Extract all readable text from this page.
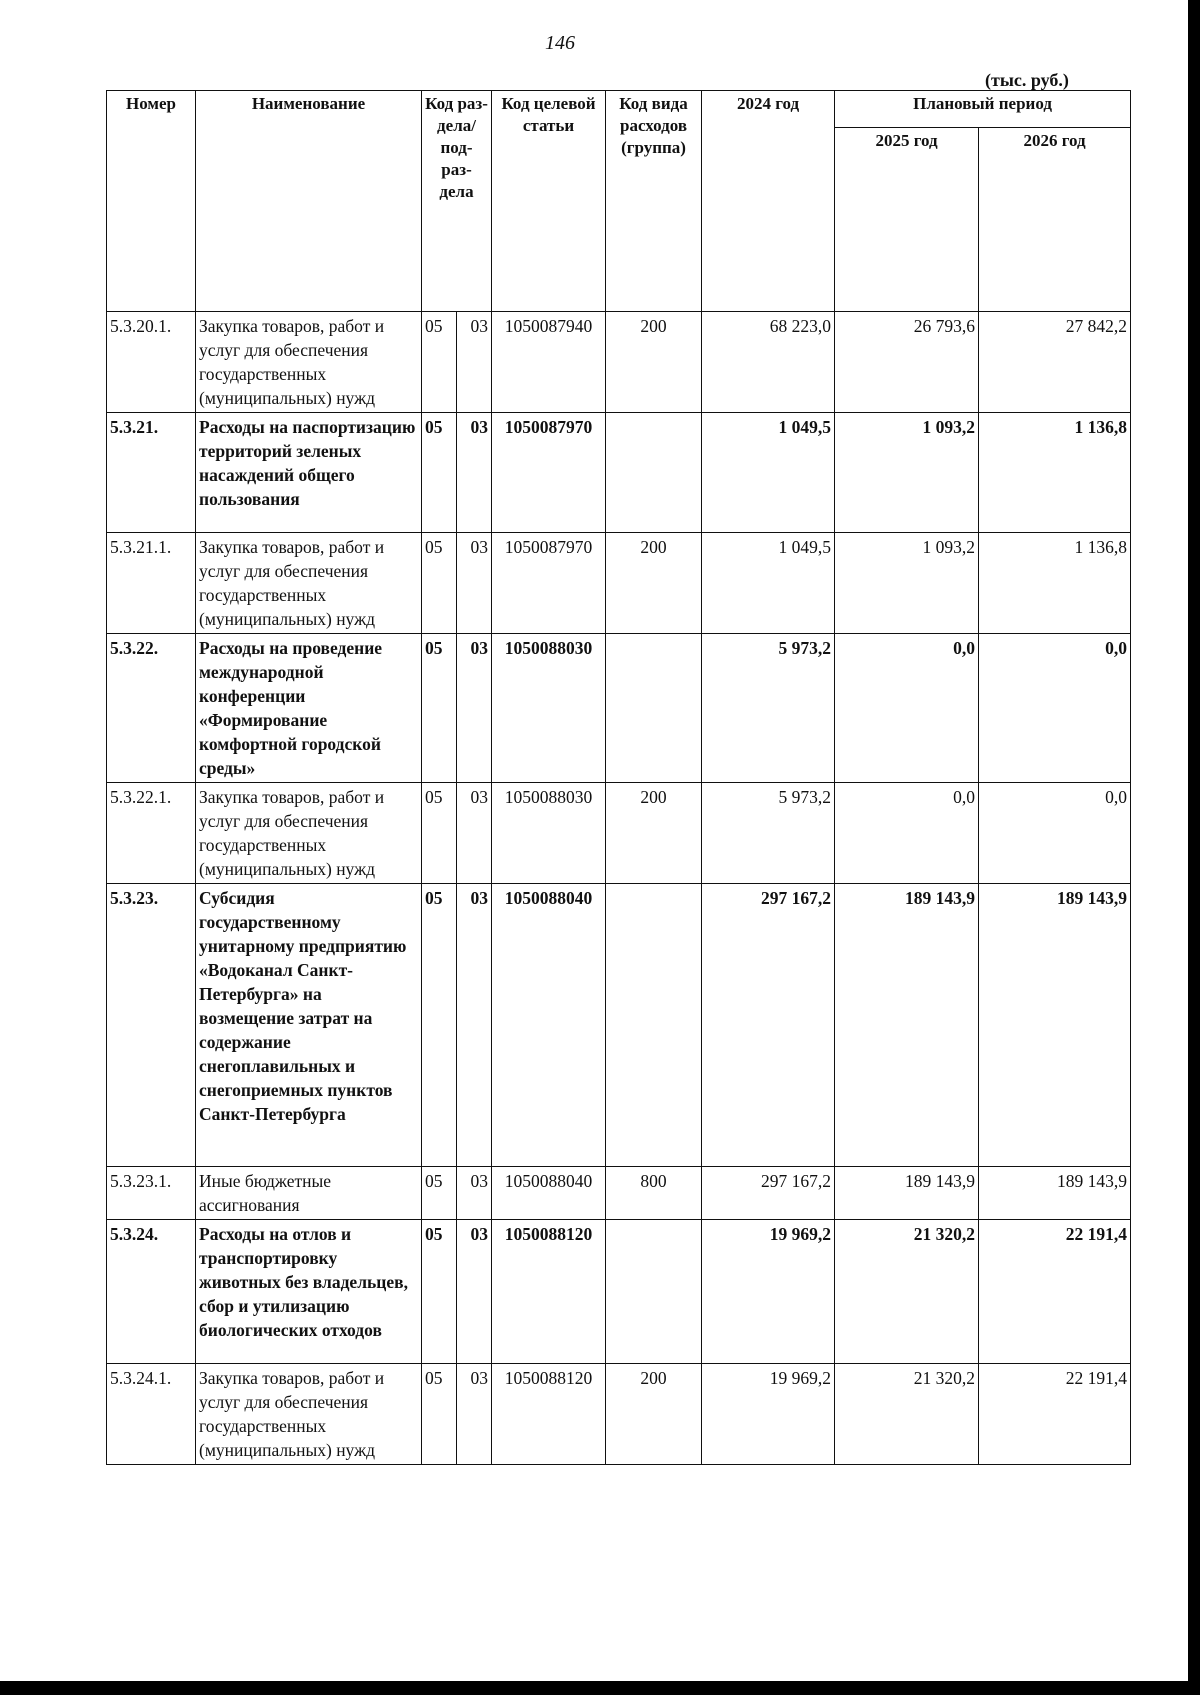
146
(тыс. руб.)
Номер	Наименование	Код раз- дела/ под- раз- дела		Код целевой статьи	Код вида расходов (группа)	2024 год	Плановый период	
							2025 год	2026 год
5.3.20.1.	Закупка товаров, работ и услуг для обеспечения государственных (муниципальных) нужд	05	03	1050087940	200	68 223,0	26 793,6	27 842,2
5.3.21.	Расходы на паспортизацию территорий зеленых насаждений общего пользования	05	03	1050087970		1 049,5	1 093,2	1 136,8
5.3.21.1.	Закупка товаров, работ и услуг для обеспечения государственных (муниципальных) нужд	05	03	1050087970	200	1 049,5	1 093,2	1 136,8
5.3.22.	Расходы на проведение международной конференции «Формирование комфортной городской среды»	05	03	1050088030		5 973,2	0,0	0,0
5.3.22.1.	Закупка товаров, работ и услуг для обеспечения государственных (муниципальных) нужд	05	03	1050088030	200	5 973,2	0,0	0,0
5.3.23.	Субсидия государственному унитарному предприятию «Водоканал Санкт-Петербурга» на возмещение затрат на содержание снегоплавильных и снегоприемных пунктов Санкт-Петербурга	05	03	1050088040		297 167,2	189 143,9	189 143,9
5.3.23.1.	Иные бюджетные ассигнования	05	03	1050088040	800	297 167,2	189 143,9	189 143,9
5.3.24.	Расходы на отлов и транспортировку животных без владельцев, сбор и утилизацию биологических отходов	05	03	1050088120		19 969,2	21 320,2	22 191,4
5.3.24.1.	Закупка товаров, работ и услуг для обеспечения государственных (муниципальных) нужд	05	03	1050088120	200	19 969,2	21 320,2	22 191,4
